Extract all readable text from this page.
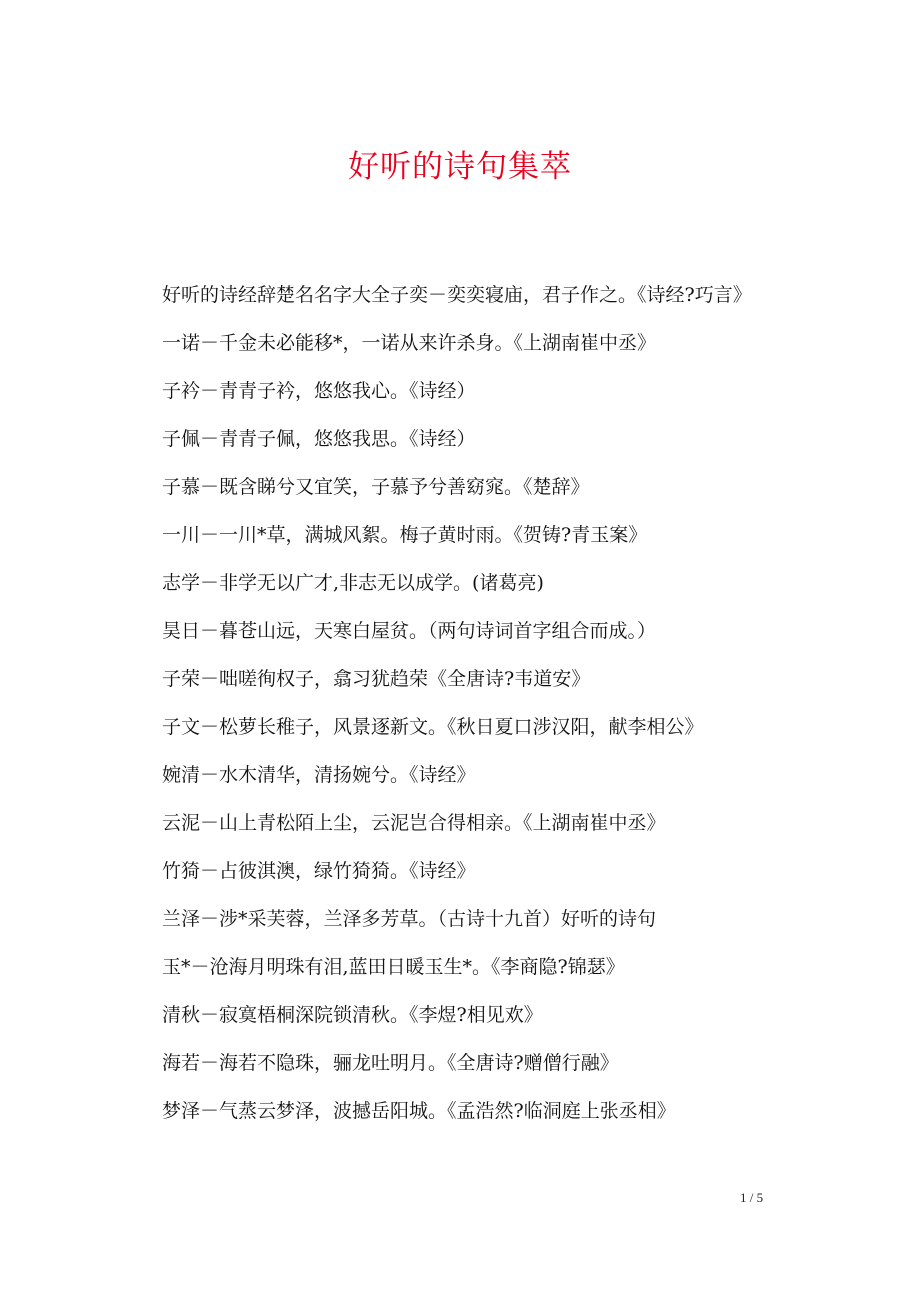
好听的诗句集萃

好听的诗经辞楚名名字大全子奕－奕奕寝庙，君子作之。《诗经?巧言》

一诺－千金未必能移*，一诺从来许杀身。《上湖南崔中丞》

子衿－青青子衿，悠悠我心。《诗经）

子佩－青青子佩，悠悠我思。《诗经）

子慕－既含睇兮又宜笑，子慕予兮善窈窕。《楚辞》

一川－一川*草，满城风絮。梅子黄时雨。《贺铸?青玉案》

志学－非学无以广才,非志无以成学。(诸葛亮)

昊日－暮苍山远，天寒白屋贫。（两句诗词首字组合而成。）

子荣－咄嗟徇权子，翕习犹趋荣《全唐诗?韦道安》

子文－松萝长稚子，风景逐新文。《秋日夏口涉汉阳，献李相公》

婉清－水木清华，清扬婉兮。《诗经》

云泥－山上青松陌上尘，云泥岂合得相亲。《上湖南崔中丞》

竹猗－占彼淇澳，绿竹猗猗。《诗经》

兰泽－涉*采芙蓉，兰泽多芳草。（古诗十九首）好听的诗句

玉*－沧海月明珠有泪,蓝田日暖玉生*。《李商隐?锦瑟》

清秋－寂寞梧桐深院锁清秋。《李煜?相见欢》

海若－海若不隐珠，骊龙吐明月。《全唐诗?赠僧行融》

梦泽－气蒸云梦泽，波撼岳阳城。《孟浩然?临洞庭上张丞相》

1 / 5
